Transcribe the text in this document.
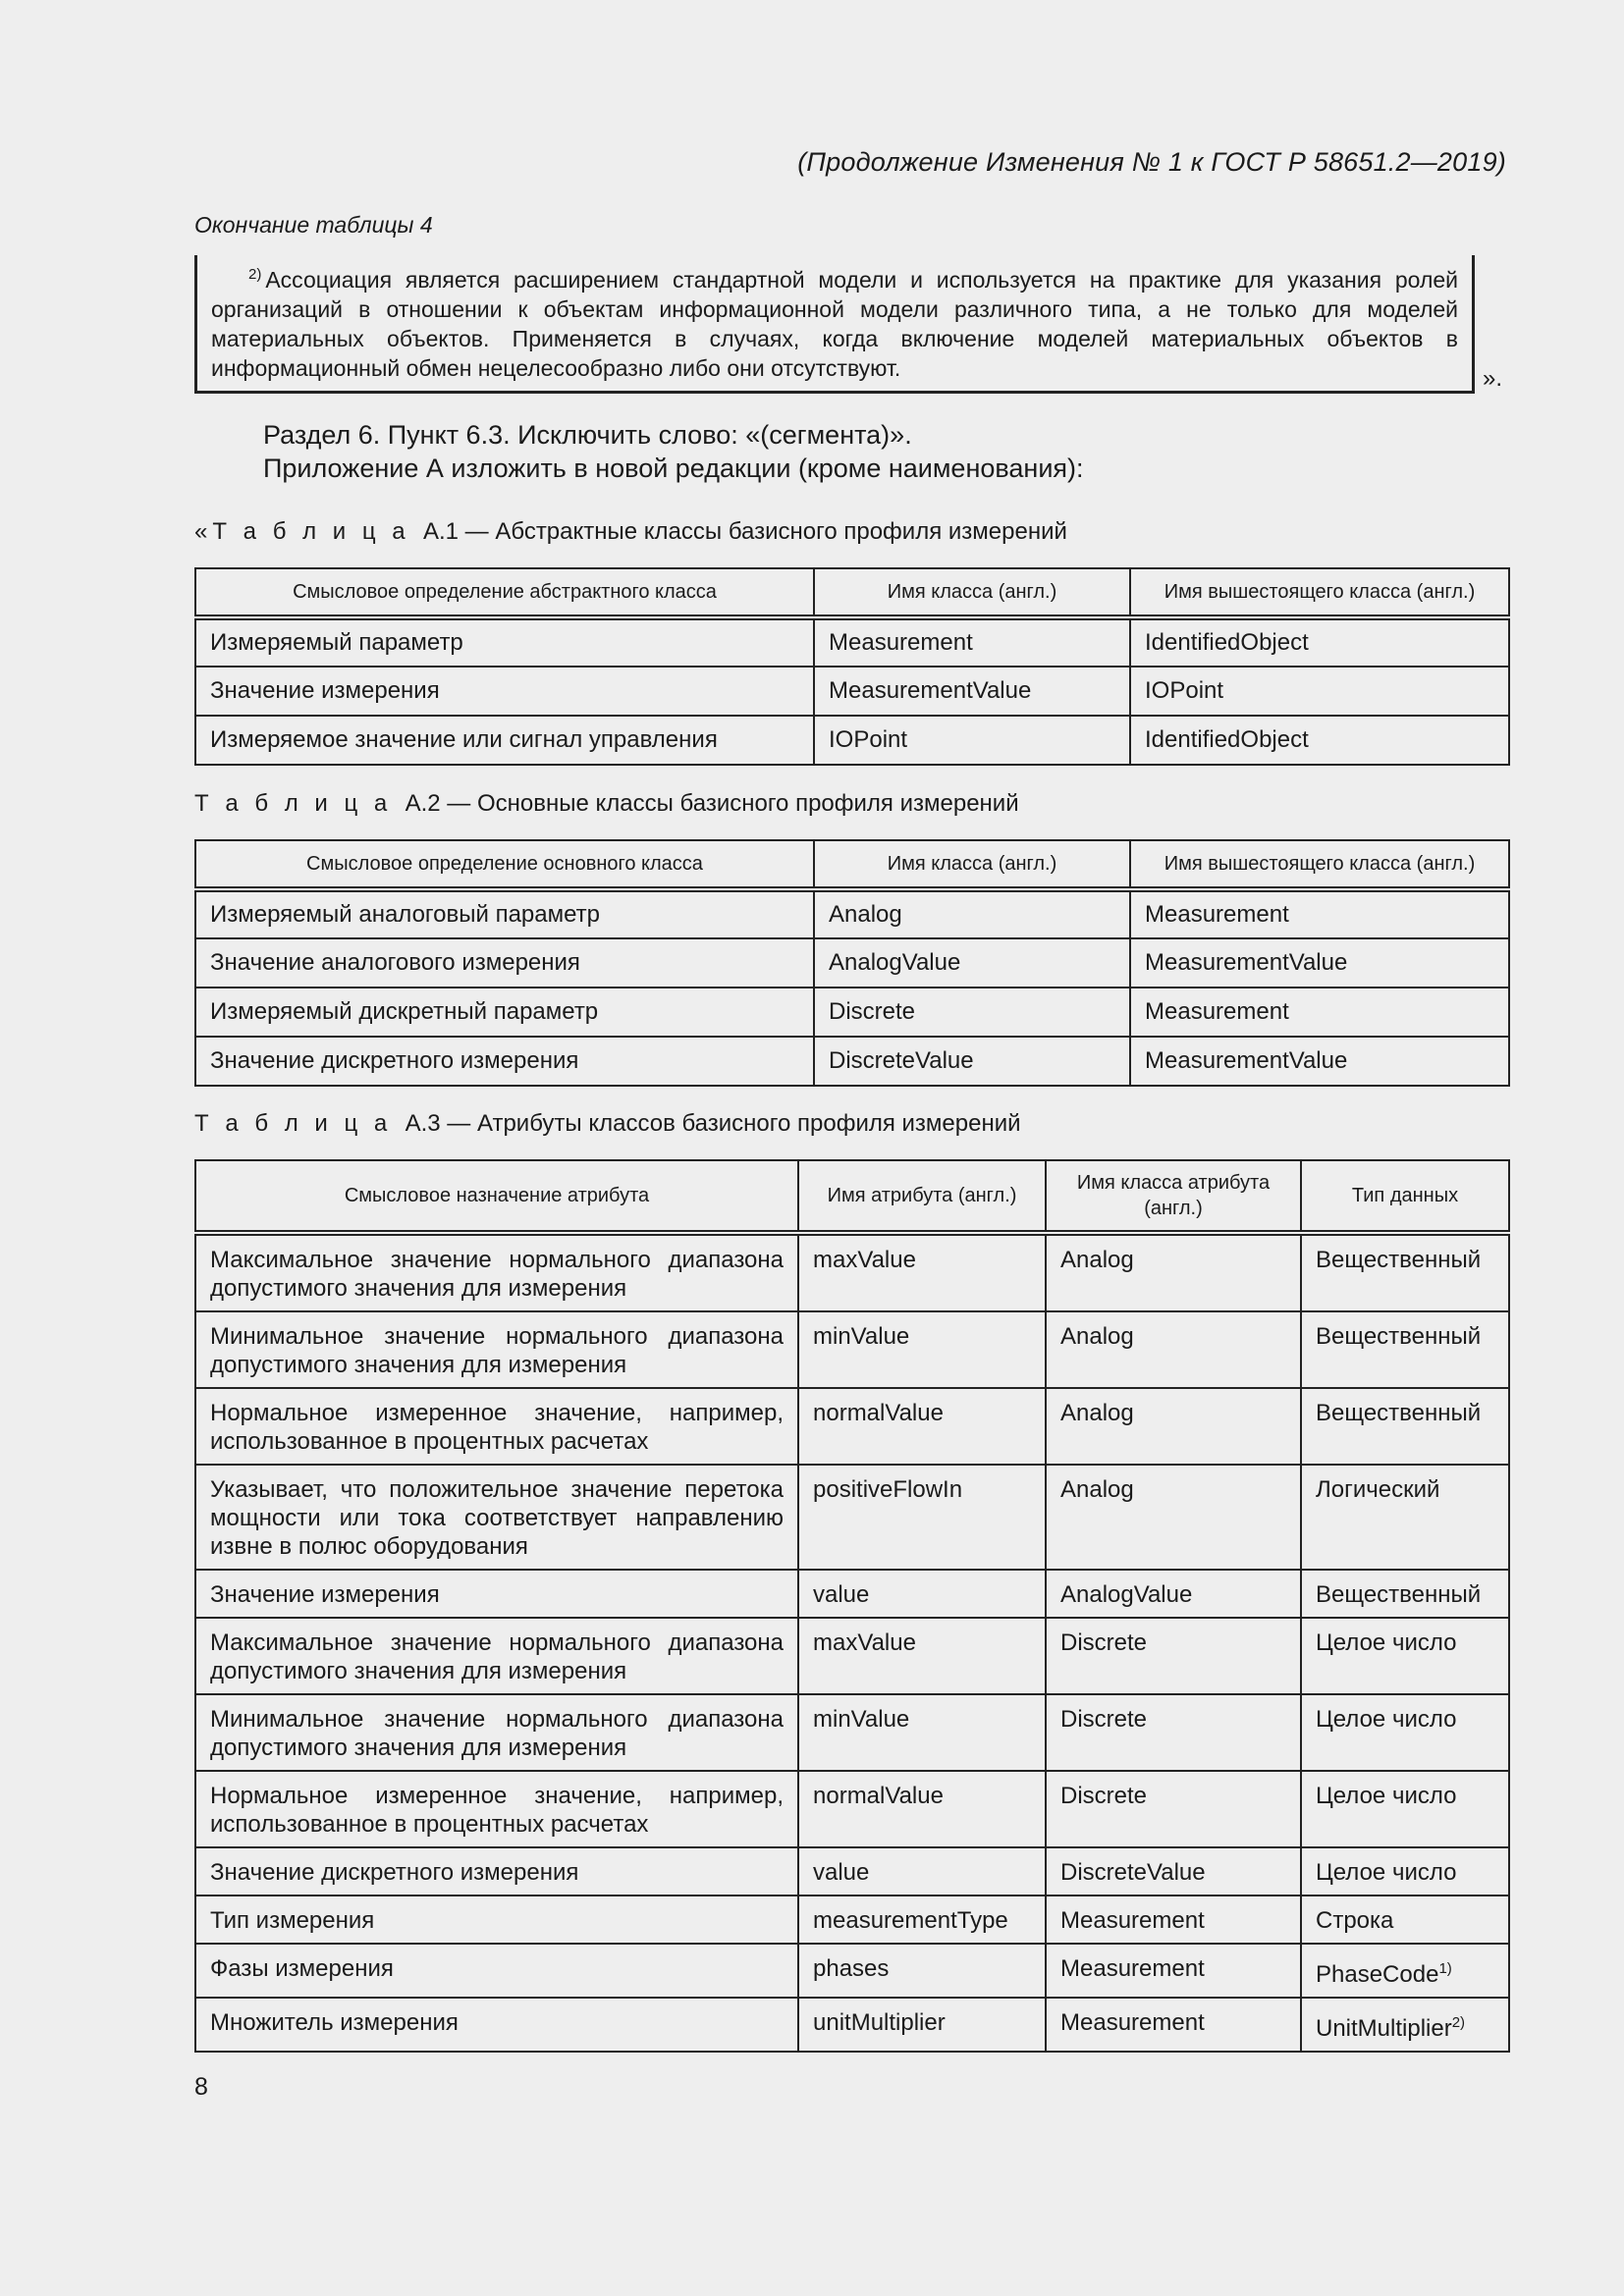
(Продолжение Изменения № 1 к ГОСТ Р 58651.2—2019)
Окончание таблицы 4
$^{2)}$ Ассоциация является расширением стандартной модели и используется на практике для указания ролей организаций в отношении к объектам информационной модели различного типа, а не только для моделей материальных объектов. Применяется в случаях, когда включение моделей материальных объектов в информационный обмен нецелесообразно либо они отсутствуют.	».
Раздел 6. Пункт 6.3. Исключить слово: «(сегмента)».
Приложение А изложить в новой редакции (кроме наименования):
«Т а б л и ц а А.1 — Абстрактные классы базисного профиля измерений
Смысловое определение абстрактного класса	Имя класса (англ.)	Имя вышестоящего класса (англ.)
Измеряемый параметр	Measurement	IdentifiedObject
Значение измерения	MeasurementValue	IOPoint
Измеряемое значение или сигнал управления	IOPoint	IdentifiedObject
Т а б л и ц а А.2 — Основные классы базисного профиля измерений
Смысловое определение основного класса	Имя класса (англ.)	Имя вышестоящего класса (англ.)
Измеряемый аналоговый параметр	Analog	Measurement
Значение аналогового измерения	AnalogValue	MeasurementValue
Измеряемый дискретный параметр	Discrete	Measurement
Значение дискретного измерения	DiscreteValue	MeasurementValue
Т а б л и ц а А.3 — Атрибуты классов базисного профиля измерений
Смысловое назначение атрибута	Имя атрибута (англ.)	Имя класса атрибута (англ.)	Тип данных
Максимальное значение нормального диапазона допустимого значения для измерения	maxValue	Analog	Вещественный
Минимальное значение нормального диапазона допустимого значения для измерения	minValue	Analog	Вещественный
Нормальное измеренное значение, например, использованное в процентных расчетах	normalValue	Analog	Вещественный
Указывает, что положительное значение перетока мощности или тока соответствует направлению извне в полюс оборудования	positiveFlowIn	Analog	Логический
Значение измерения	value	AnalogValue	Вещественный
Максимальное значение нормального диапазона допустимого значения для измерения	maxValue	Discrete	Целое число
Минимальное значение нормального диапазона допустимого значения для измерения	minValue	Discrete	Целое число
Нормальное измеренное значение, например, использованное в процентных расчетах	normalValue	Discrete	Целое число
Значение дискретного измерения	value	DiscreteValue	Целое число
Тип измерения	measurementType	Measurement	Строка
Фазы измерения	phases	Measurement	PhaseCode$^{1)}$
Множитель измерения	unitMultiplier	Measurement	UnitMultiplier$^{2)}$
8
